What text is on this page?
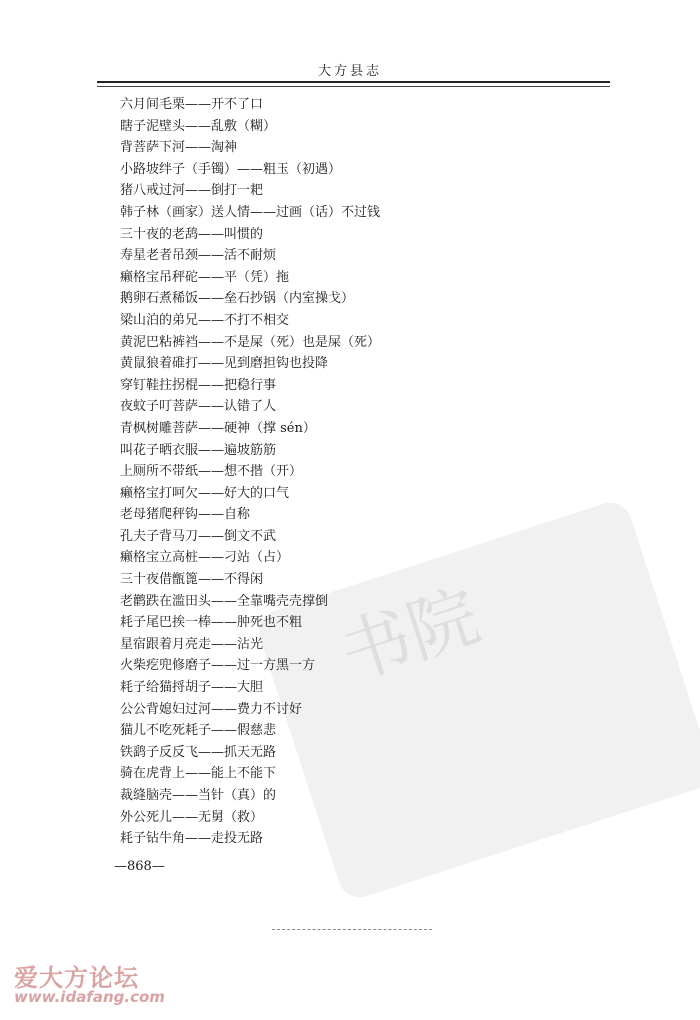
大方县志
书院
六月间毛栗——开不了口
瞎子泥壁头——乱敷（糊）
背菩萨下河——淘神
小路坡绊子（手镯）——粗玉（初遇）
猪八戒过河——倒打一耙
韩子林（画家）送人情——过画（话）不过钱
三十夜的老鸹——叫惯的
寿星老者吊颈——活不耐烦
癞格宝吊秤砣——平（凭）拖
鹅卵石煮稀饭——垒石抄锅（内室操戈）
梁山泊的弟兄——不打不相交
黄泥巴粘裤裆——不是屎（死）也是屎（死）
黄鼠狼着碓打——见到磨担钩也投降
穿钉鞋拄拐棍——把稳行事
夜蚊子叮菩萨——认错了人
青枫树雕菩萨——硬神（撑 sén）
叫花子晒衣服——遍坡筋筋
上厕所不带纸——想不揩（开）
癞格宝打呵欠——好大的口气
老母猪爬秤钩——自称
孔夫子背马刀——倒文不武
癞格宝立高桩——刁站（占）
三十夜借甑篦——不得闲
老鹳跌在滥田头——全靠嘴壳壳撑倒
耗子尾巴挨一棒——肿死也不粗
星宿跟着月亮走——沾光
火柴疙兜修磨子——过一方黑一方
耗子给猫捋胡子——大胆
公公背媳妇过河——费力不讨好
猫儿不吃死耗子——假慈悲
铁鹞子反反飞——抓天无路
骑在虎背上——能上不能下
裁缝脑壳——当针（真）的
外公死儿——无舅（救）
耗子钻牛角——走投无路
—868—
爱大方论坛
www.idafang.com
